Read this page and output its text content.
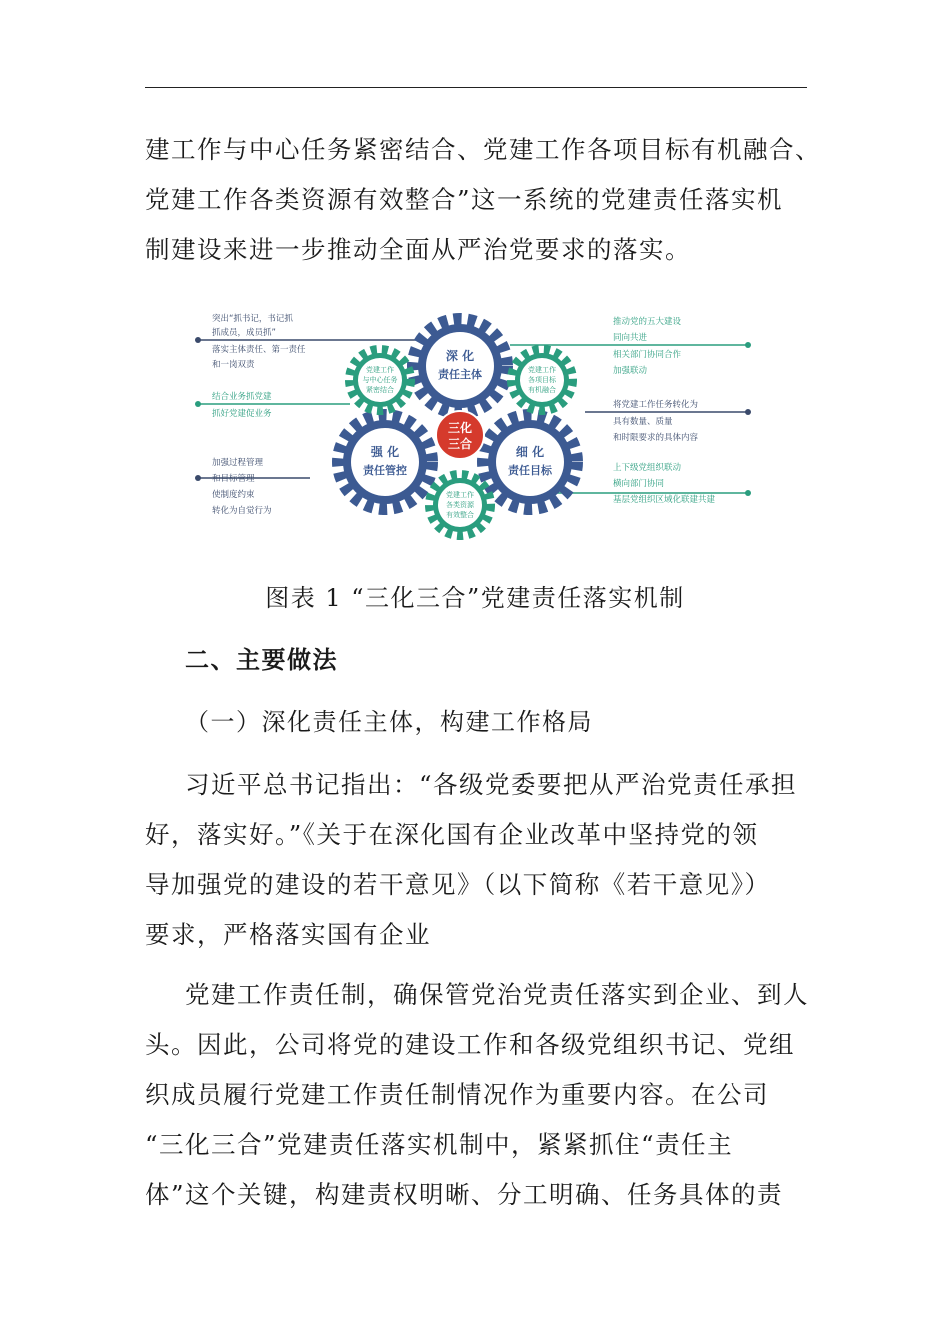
建工作与中心任务紧密结合、党建工作各项目标有机融合、
党建工作各类资源有效整合”这一系统的党建责任落实机
制建设来进一步推动全面从严治党要求的落实。
深 化
责任主体
强 化
责任管控
细 化
责任目标
党建工作
与中心任务
紧密结合
党建工作
各项目标
有机融合
党建工作
各类资源
有效整合
三化
三合
突出“抓书记，书记抓
抓成员，成员抓”
落实主体责任、第一责任
和一岗双责
结合业务抓党建
抓好党建促业务
加强过程管理
和目标管理
使制度约束
转化为自觉行为
推动党的五大建设
同向共进
相关部门协同合作
加强联动
将党建工作任务转化为
具有数量、质量
和时限要求的具体内容
上下级党组织联动
横向部门协同
基层党组织区域化联建共建
图表 1 “三化三合”党建责任落实机制
二、主要做法
（一）深化责任主体，构建工作格局
习近平总书记指出：“各级党委要把从严治党责任承担
好，落实好。”《关于在深化国有企业改革中坚持党的领
导加强党的建设的若干意见》（以下简称《若干意见》）
要求，严格落实国有企业
党建工作责任制，确保管党治党责任落实到企业、到人
头。因此，公司将党的建设工作和各级党组织书记、党组
织成员履行党建工作责任制情况作为重要内容。在公司
“三化三合”党建责任落实机制中，紧紧抓住“责任主
体”这个关键，构建责权明晰、分工明确、任务具体的责
